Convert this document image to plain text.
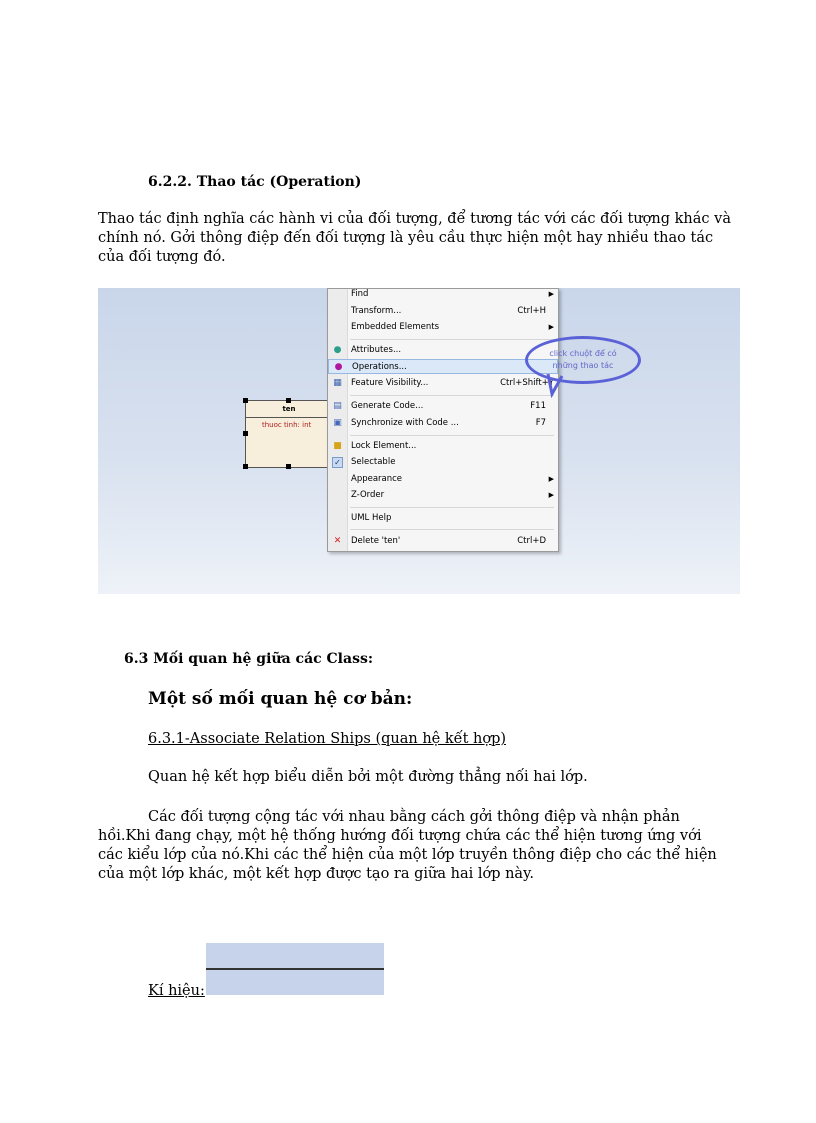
6.2.2. Thao tác (Operation)
Thao tác định nghĩa các hành vi của đối tượng, để tương tác với các đối tượng khác và
chính nó. Gởi thông điệp đến đối tượng là yêu cầu thực hiện một hay nhiều thao tác
của đối tượng đó.
ten
thuoc tinh: int
Find	▶
Transform...	Ctrl+H
Embedded Elements	▶
● Attributes...
● Operations...
▦ Feature Visibility...	Ctrl+Shift+Y
▤ Generate Code...	F11
▣ Synchronize with Code ...	F7
■ Lock Element...
✓ Selectable
Appearance	▶
Z-Order	▶
UML Help
✕ Delete 'ten'	Ctrl+D
click chuột để có
những thao tác
6.3 Mối quan hệ giữa các Class:
Một số mối quan hệ cơ bản:
6.3.1-Associate Relation Ships (quan hệ kết hợp)
Quan hệ kết hợp biểu diễn bởi một đường thẳng nối hai lớp.
Các đối tượng cộng tác với nhau bằng cách gởi thông điệp và nhận phản
hồi.Khi đang chạy, một hệ thống hướng đối tượng chứa các thể hiện tương ứng với
các kiểu lớp của nó.Khi các thể hiện của một lớp truyền thông điệp cho các thể hiện
của một lớp khác, một kết hợp được tạo ra giữa hai lớp này.
Kí hiệu:
